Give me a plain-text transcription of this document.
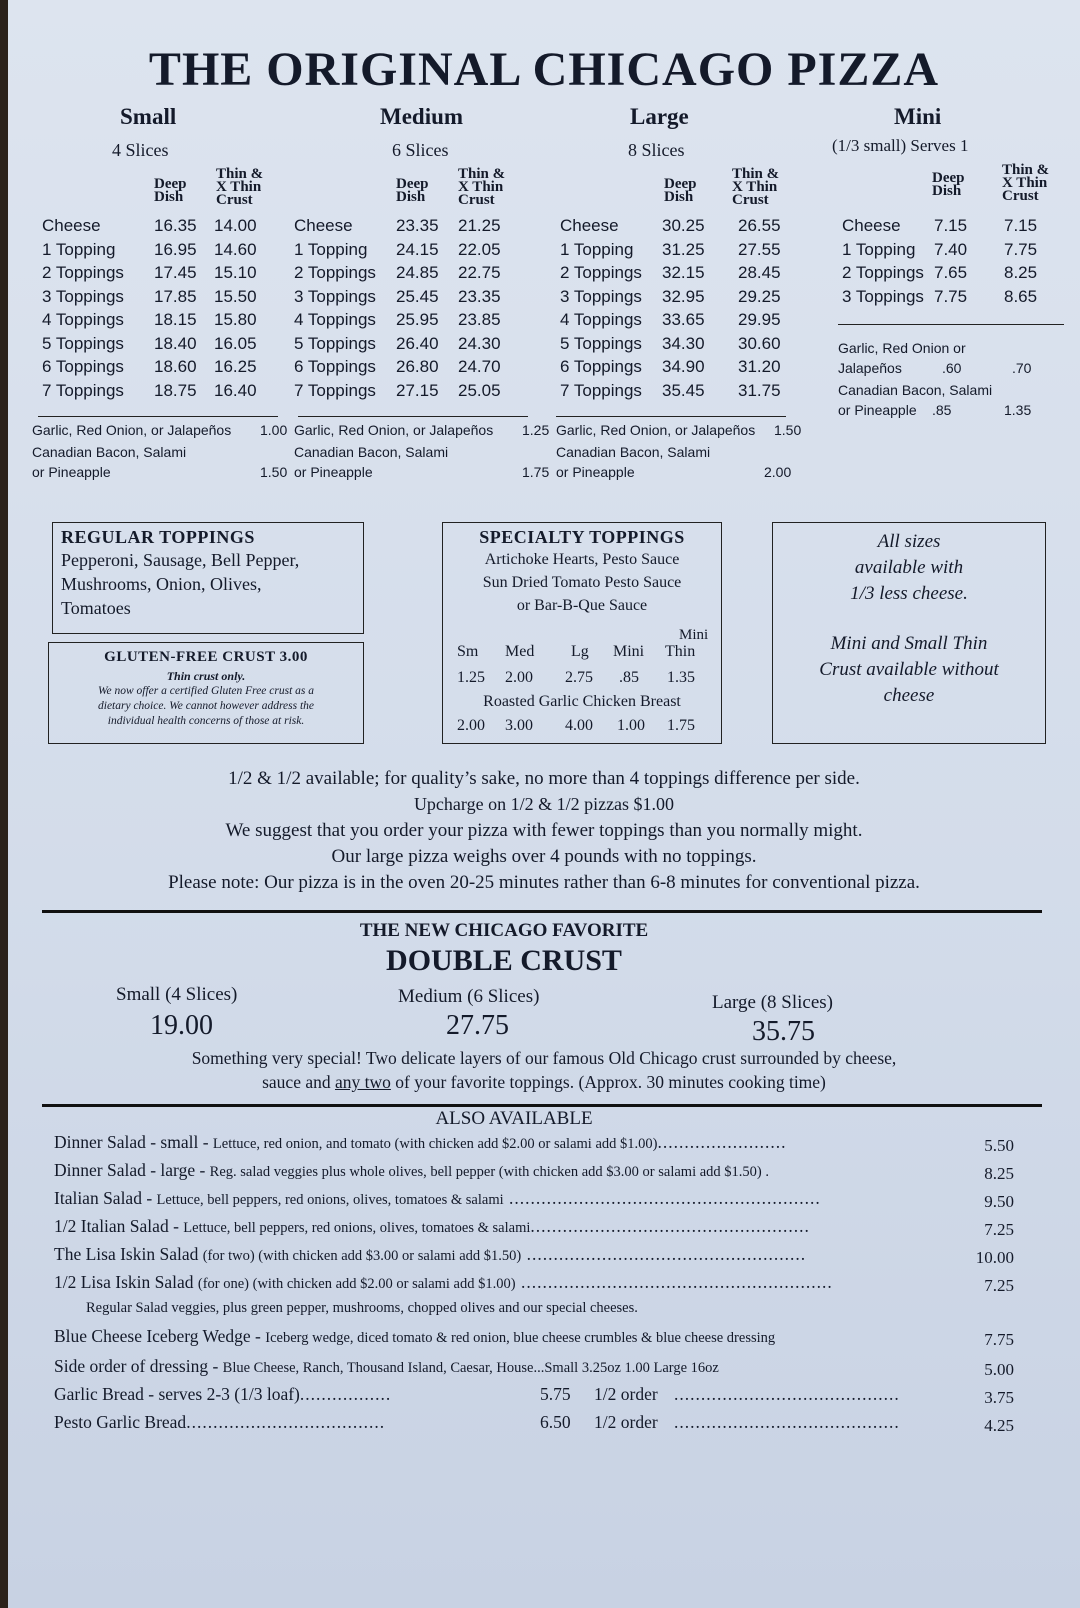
THE ORIGINAL CHICAGO PIZZA
Small
4 Slices
Deep
Dish
Thin &
X Thin
Crust
Cheese	16.35 14.00
1 Topping 16.95 14.60
2 Toppings 17.45 15.10
3 Toppings 17.85 15.50
4 Toppings 18.15 15.80
5 Toppings 18.40 16.05
6 Toppings 18.60 16.25
7 Toppings 18.75 16.40
Garlic, Red Onion, or Jalapeños 1.00
Canadian Bacon, Salami
or Pineapple	1.50
Medium
6 Slices
Deep
Dish
Thin &
X Thin
Crust
Cheese	23.35 21.25
1 Topping 24.15 22.05
2 Toppings 24.85 22.75
3 Toppings 25.45 23.35
4 Toppings 25.95 23.85
5 Toppings 26.40 24.30
6 Toppings 26.80 24.70
7 Toppings 27.15 25.05
Garlic, Red Onion, or Jalapeños 1.25
Canadian Bacon, Salami
or Pineapple	1.75
Large
8 Slices
Deep
Dish
Thin &
X Thin
Crust
Cheese	30.25 26.55
1 Topping 31.25 27.55
2 Toppings 32.15 28.45
3 Toppings 32.95 29.25
4 Toppings 33.65 29.95
5 Toppings 34.30 30.60
6 Toppings 34.90 31.20
7 Toppings 35.45 31.75
Garlic, Red Onion, or Jalapeños 1.50
Canadian Bacon, Salami
or Pineapple	2.00
Mini
(1/3 small) Serves 1
Deep
Dish
Thin &
X Thin
Crust
Cheese 7.15 7.15
1 Topping 7.40 7.75
2 Toppings 7.65 8.25
3 Toppings 7.75 8.65
Garlic, Red Onion or
Jalapeños	.60	.70
Canadian Bacon, Salami
or Pineapple .85	1.35
REGULAR TOPPINGS
Pepperoni, Sausage, Bell Pepper,
Mushrooms, Onion, Olives,
Tomatoes
GLUTEN-FREE CRUST 3.00
Thin crust only.
We now offer a certified Gluten Free crust as a
dietary choice. We cannot however address the
individual health concerns of those at risk.
SPECIALTY TOPPINGS
Artichoke Hearts, Pesto Sauce
Sun Dried Tomato Pesto Sauce
or Bar-B-Que Sauce
Mini
Sm Med Lg Mini Thin
1.25 2.00 2.75 .85 1.35
Roasted Garlic Chicken Breast
2.00 3.00 4.00 1.00 1.75
All sizes
available with
1/3 less cheese.
Mini and Small Thin
Crust available without
cheese
1/2 & 1/2 available; for quality’s sake, no more than 4 toppings difference per side.
Upcharge on 1/2 & 1/2 pizzas $1.00
We suggest that you order your pizza with fewer toppings than you normally might.
Our large pizza weighs over 4 pounds with no toppings.
Please note: Our pizza is in the oven 20-25 minutes rather than 6-8 minutes for conventional pizza.
THE NEW CHICAGO FAVORITE
DOUBLE CRUST
Small (4 Slices)
19.00
Medium (6 Slices)
27.75
Large (8 Slices)
35.75
Something very special! Two delicate layers of our famous Old Chicago crust surrounded by cheese,
sauce and any two of your favorite toppings. (Approx. 30 minutes cooking time)
ALSO AVAILABLE
Dinner Salad - small - Lettuce, red onion, and tomato (with chicken add $2.00 or salami add $1.00)........................	5.50
Dinner Salad - large - Reg. salad veggies plus whole olives, bell pepper (with chicken add $3.00 or salami add $1.50) .	8.25
Italian Salad - Lettuce, bell peppers, red onions, olives, tomatoes & salami ..........................................................	9.50
1/2 Italian Salad - Lettuce, bell peppers, red onions, olives, tomatoes & salami....................................................	7.25
The Lisa Iskin Salad (for two) (with chicken add $3.00 or salami add $1.50) ....................................................	10.00
1/2 Lisa Iskin Salad (for one) (with chicken add $2.00 or salami add $1.00) ..........................................................	7.25
Regular Salad veggies, plus green pepper, mushrooms, chopped olives and our special cheeses.
Blue Cheese Iceberg Wedge - Iceberg wedge, diced tomato & red onion, blue cheese crumbles & blue cheese dressing	7.75
Side order of dressing - Blue Cheese, Ranch, Thousand Island, Caesar, House...Small 3.25oz 1.00 Large 16oz	5.00
Garlic Bread - serves 2-3 (1/3 loaf).................	5.75 1/2 order ..........................................	3.75
Pesto Garlic Bread.....................................	6.50 1/2 order ..........................................	4.25
